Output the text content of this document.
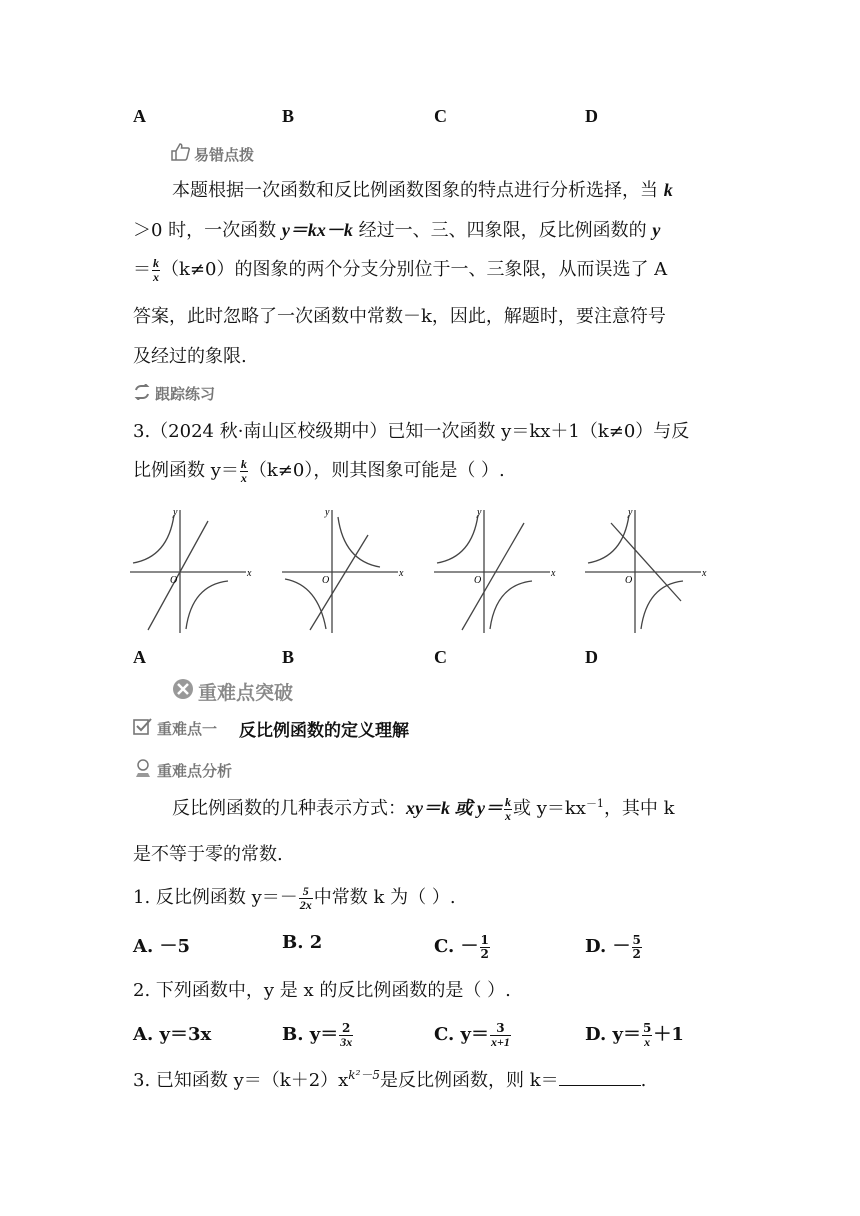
A	B	C	D
易错点拨
本题根据一次函数和反比例函数图象的特点进行分析选择，当 k
＞0 时，一次函数 y＝kx－k 经过一、三、四象限，反比例函数的 y
＝ $\frac{k}{x} (k\ne 0)$的图象的两个分支分别位于一、三象限，从而误选了 A
答案，此时忽略了一次函数中常数－k，因此，解题时，要注意符号
及经过的象限.
跟踪练习
3.（2024 秋·南山区校级期中）已知一次函数 y＝kx＋1（k≠0）与反
比例函数 $y= \frac{k}{x} (k\ne 0)$，则其图象可能是（ ）.
x
y
O
x
y
O
x
y
O
x
y
O
A	B	C	D
重难点突破
重难点一 反比例函数的定义理解
重难点分析
反比例函数的几种表示方式：xy＝k 或 $y= \frac{k}{x}$ 或 $y=kx^{-1}$，其中 k
是不等于零的常数.
1. 反比例函数 $y=- \frac{5}{2x}$ 中常数 k 为（ ）.
A. －5	B. 2	C. － $\frac{1}{2}$	D. － $\frac{5}{2}$
2. 下列函数中，y 是 x 的反比例函数的是（ ）.
A. y＝3x	B. $y= \frac{2}{3x}$	C. $y= \frac{3}{x+1}$	D. $y= \frac{5}{x} +1$
3. 已知函数 $y=(k+2)x^{k^2-5}$是反比例函数，则 k＝	.
